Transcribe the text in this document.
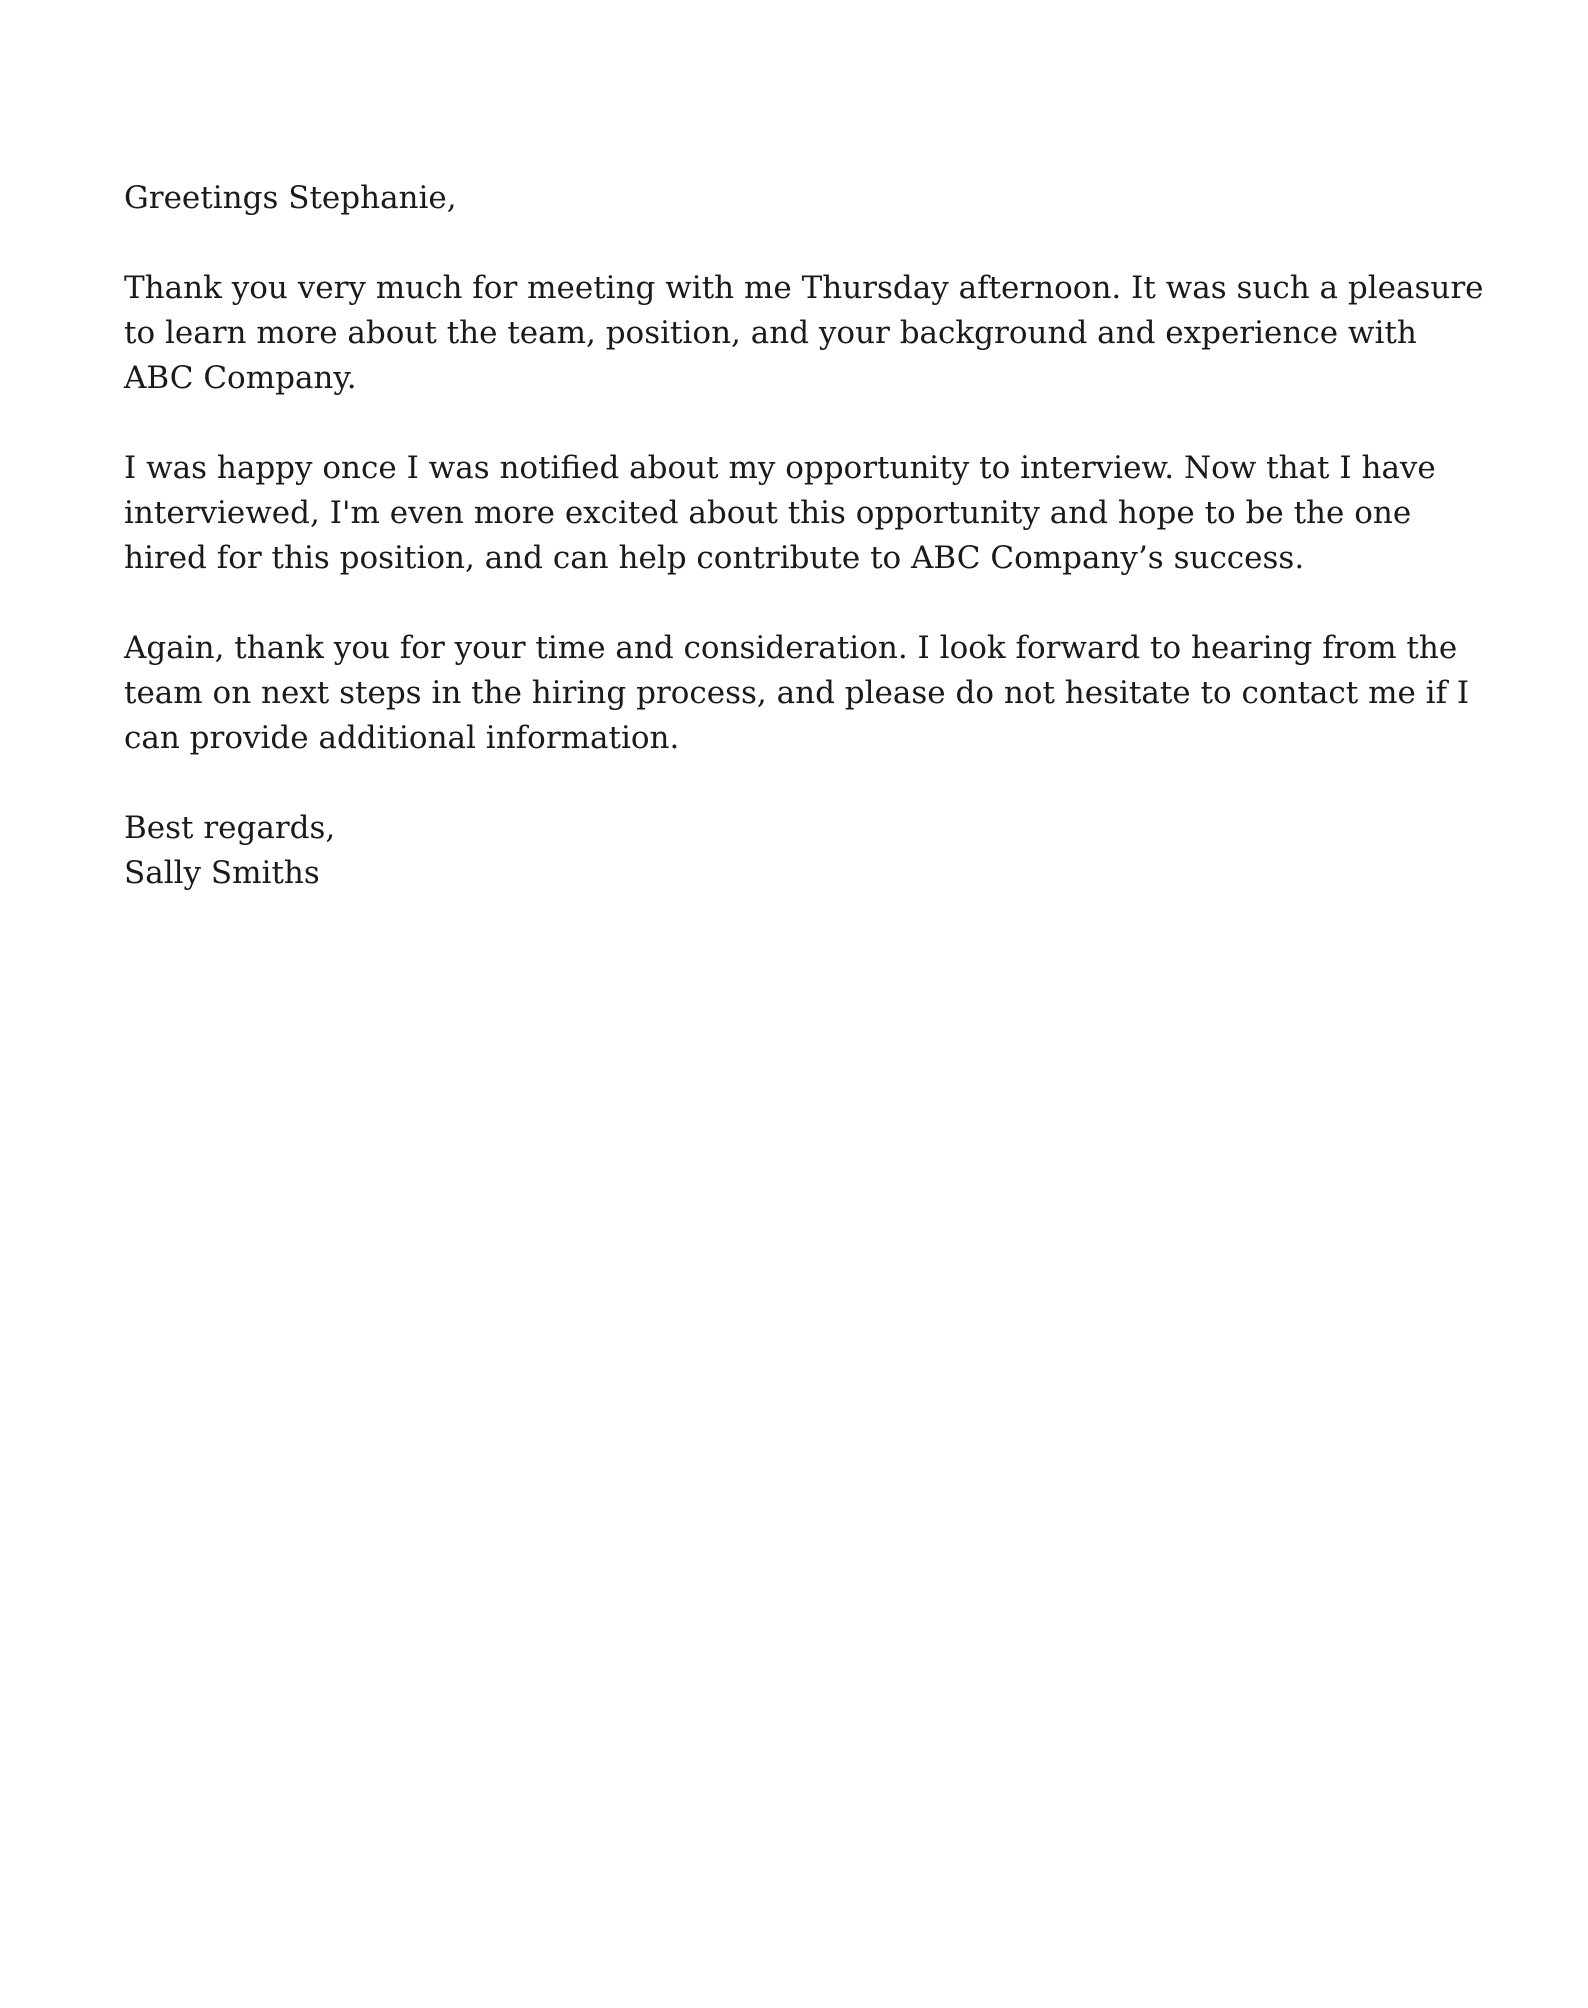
Greetings Stephanie,

Thank you very much for meeting with me Thursday afternoon. It was such a pleasure to learn more about the team, position, and your background and experience with ABC Company.

I was happy once I was notified about my opportunity to interview. Now that I have interviewed, I'm even more excited about this opportunity and hope to be the one hired for this position, and can help contribute to ABC Company’s success.

Again, thank you for your time and consideration. I look forward to hearing from the team on next steps in the hiring process, and please do not hesitate to contact me if I can provide additional information.

Best regards,

Sally Smiths
